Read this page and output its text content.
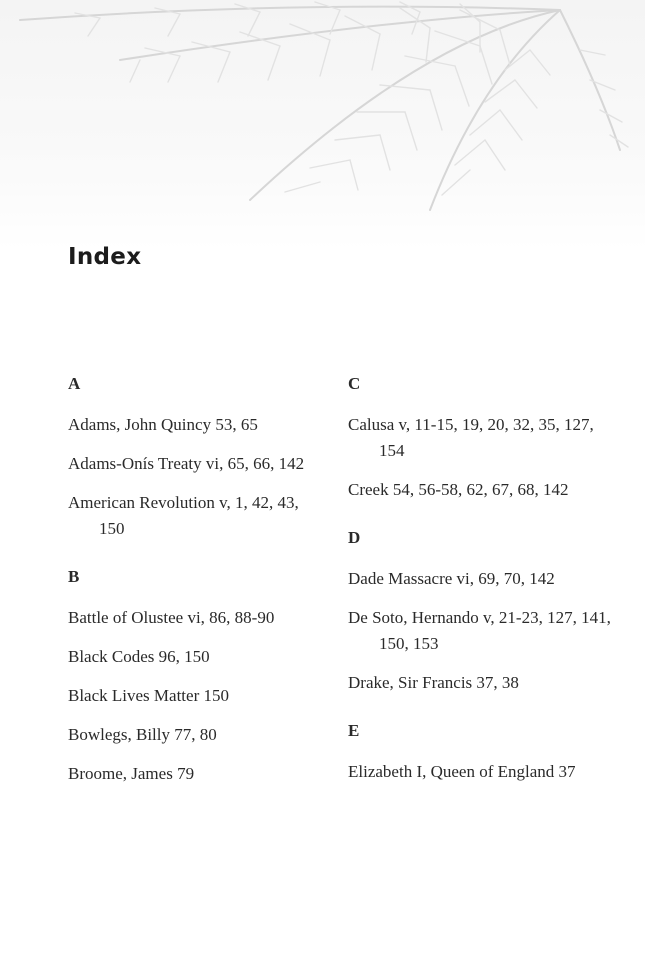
Index
A
Adams, John Quincy 53, 65
Adams-Onís Treaty vi, 65, 66, 142
American Revolution v, 1, 42, 43, 150
B
Battle of Olustee vi, 86, 88-90
Black Codes 96, 150
Black Lives Matter 150
Bowlegs, Billy 77, 80
Broome, James 79
C
Calusa v, 11-15, 19, 20, 32, 35, 127, 154
Creek 54, 56-58, 62, 67, 68, 142
D
Dade Massacre vi, 69, 70, 142
De Soto, Hernando v, 21-23, 127, 141, 150, 153
Drake, Sir Francis 37, 38
E
Elizabeth I, Queen of England 37
